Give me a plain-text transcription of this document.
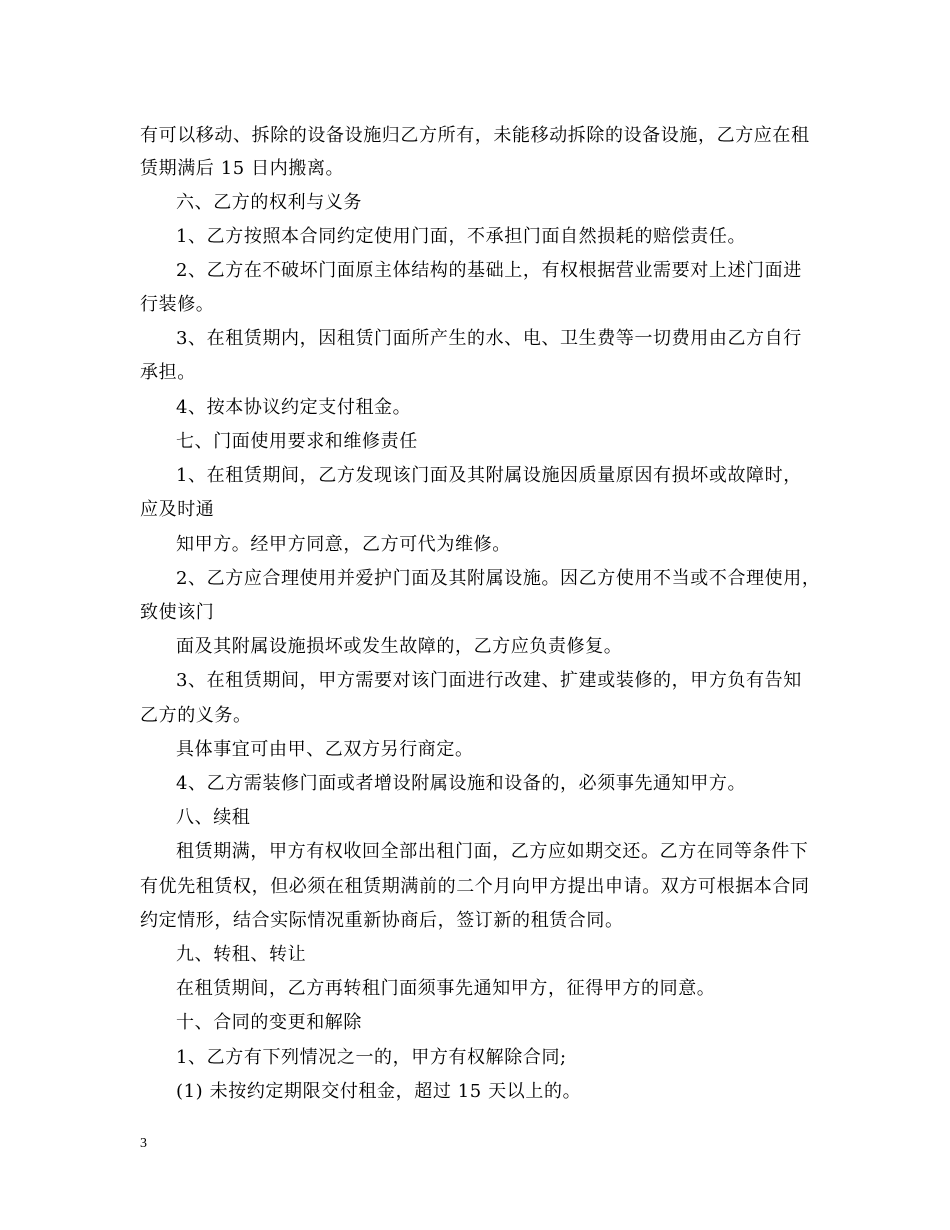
有可以移动、拆除的设备设施归乙方所有，未能移动拆除的设备设施，乙方应在租
赁期满后 15 日内搬离。
六、乙方的权利与义务
1、乙方按照本合同约定使用门面，不承担门面自然损耗的赔偿责任。
2、乙方在不破坏门面原主体结构的基础上，有权根据营业需要对上述门面进
行装修。
3、在租赁期内，因租赁门面所产生的水、电、卫生费等一切费用由乙方自行
承担。
4、按本协议约定支付租金。
七、门面使用要求和维修责任
1、在租赁期间，乙方发现该门面及其附属设施因质量原因有损坏或故障时，
应及时通
知甲方。经甲方同意，乙方可代为维修。
2、乙方应合理使用并爱护门面及其附属设施。因乙方使用不当或不合理使用，
致使该门
面及其附属设施损坏或发生故障的，乙方应负责修复。
3、在租赁期间，甲方需要对该门面进行改建、扩建或装修的，甲方负有告知
乙方的义务。
具体事宜可由甲、乙双方另行商定。
4、乙方需装修门面或者增设附属设施和设备的，必须事先通知甲方。
八、续租
租赁期满，甲方有权收回全部出租门面，乙方应如期交还。乙方在同等条件下
有优先租赁权，但必须在租赁期满前的二个月向甲方提出申请。双方可根据本合同
约定情形，结合实际情况重新协商后，签订新的租赁合同。
九、转租、转让
在租赁期间，乙方再转租门面须事先通知甲方，征得甲方的同意。
十、合同的变更和解除
1、乙方有下列情况之一的，甲方有权解除合同;
(1) 未按约定期限交付租金，超过 15 天以上的。
3
